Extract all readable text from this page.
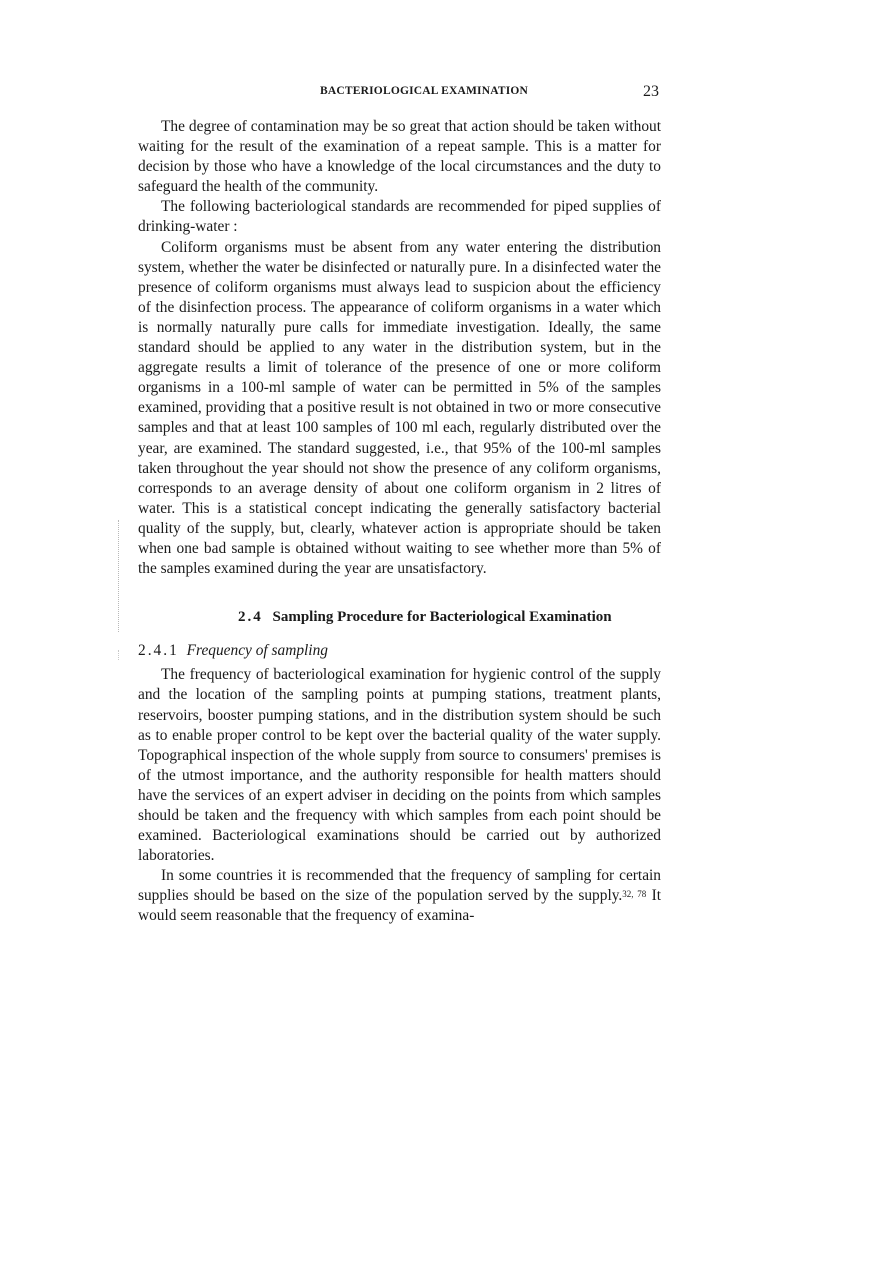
BACTERIOLOGICAL EXAMINATION	23

The degree of contamination may be so great that action should be taken without waiting for the result of the examination of a repeat sample. This is a matter for decision by those who have a knowledge of the local circumstances and the duty to safeguard the health of the community.

The following bacteriological standards are recommended for piped supplies of drinking-water :

Coliform organisms must be absent from any water entering the distribution system, whether the water be disinfected or naturally pure. In a disinfected water the presence of coliform organisms must always lead to suspicion about the efficiency of the disinfection process. The appearance of coliform organisms in a water which is normally naturally pure calls for immediate investigation. Ideally, the same standard should be applied to any water in the distribution system, but in the aggregate results a limit of tolerance of the presence of one or more coliform organisms in a 100-ml sample of water can be permitted in 5% of the samples examined, providing that a positive result is not obtained in two or more consecutive samples and that at least 100 samples of 100 ml each, regularly distributed over the year, are examined. The standard suggested, i.e., that 95% of the 100-ml samples taken throughout the year should not show the presence of any coliform organisms, corresponds to an average density of about one coliform organism in 2 litres of water. This is a statistical concept indicating the generally satisfactory bacterial quality of the supply, but, clearly, whatever action is appropriate should be taken when one bad sample is obtained without waiting to see whether more than 5% of the samples examined during the year are unsatisfactory.

2.4 Sampling Procedure for Bacteriological Examination
2.4.1 Frequency of sampling

The frequency of bacteriological examination for hygienic control of the supply and the location of the sampling points at pumping stations, treatment plants, reservoirs, booster pumping stations, and in the distribution system should be such as to enable proper control to be kept over the bacterial quality of the water supply. Topographical inspection of the whole supply from source to consumers' premises is of the utmost importance, and the authority responsible for health matters should have the services of an expert adviser in deciding on the points from which samples should be taken and the frequency with which samples from each point should be examined. Bacteriological examinations should be carried out by authorized laboratories.

In some countries it is recommended that the frequency of sampling for certain supplies should be based on the size of the population served by the supply.$^{32, 78}$ It would seem reasonable that the frequency of examina-
